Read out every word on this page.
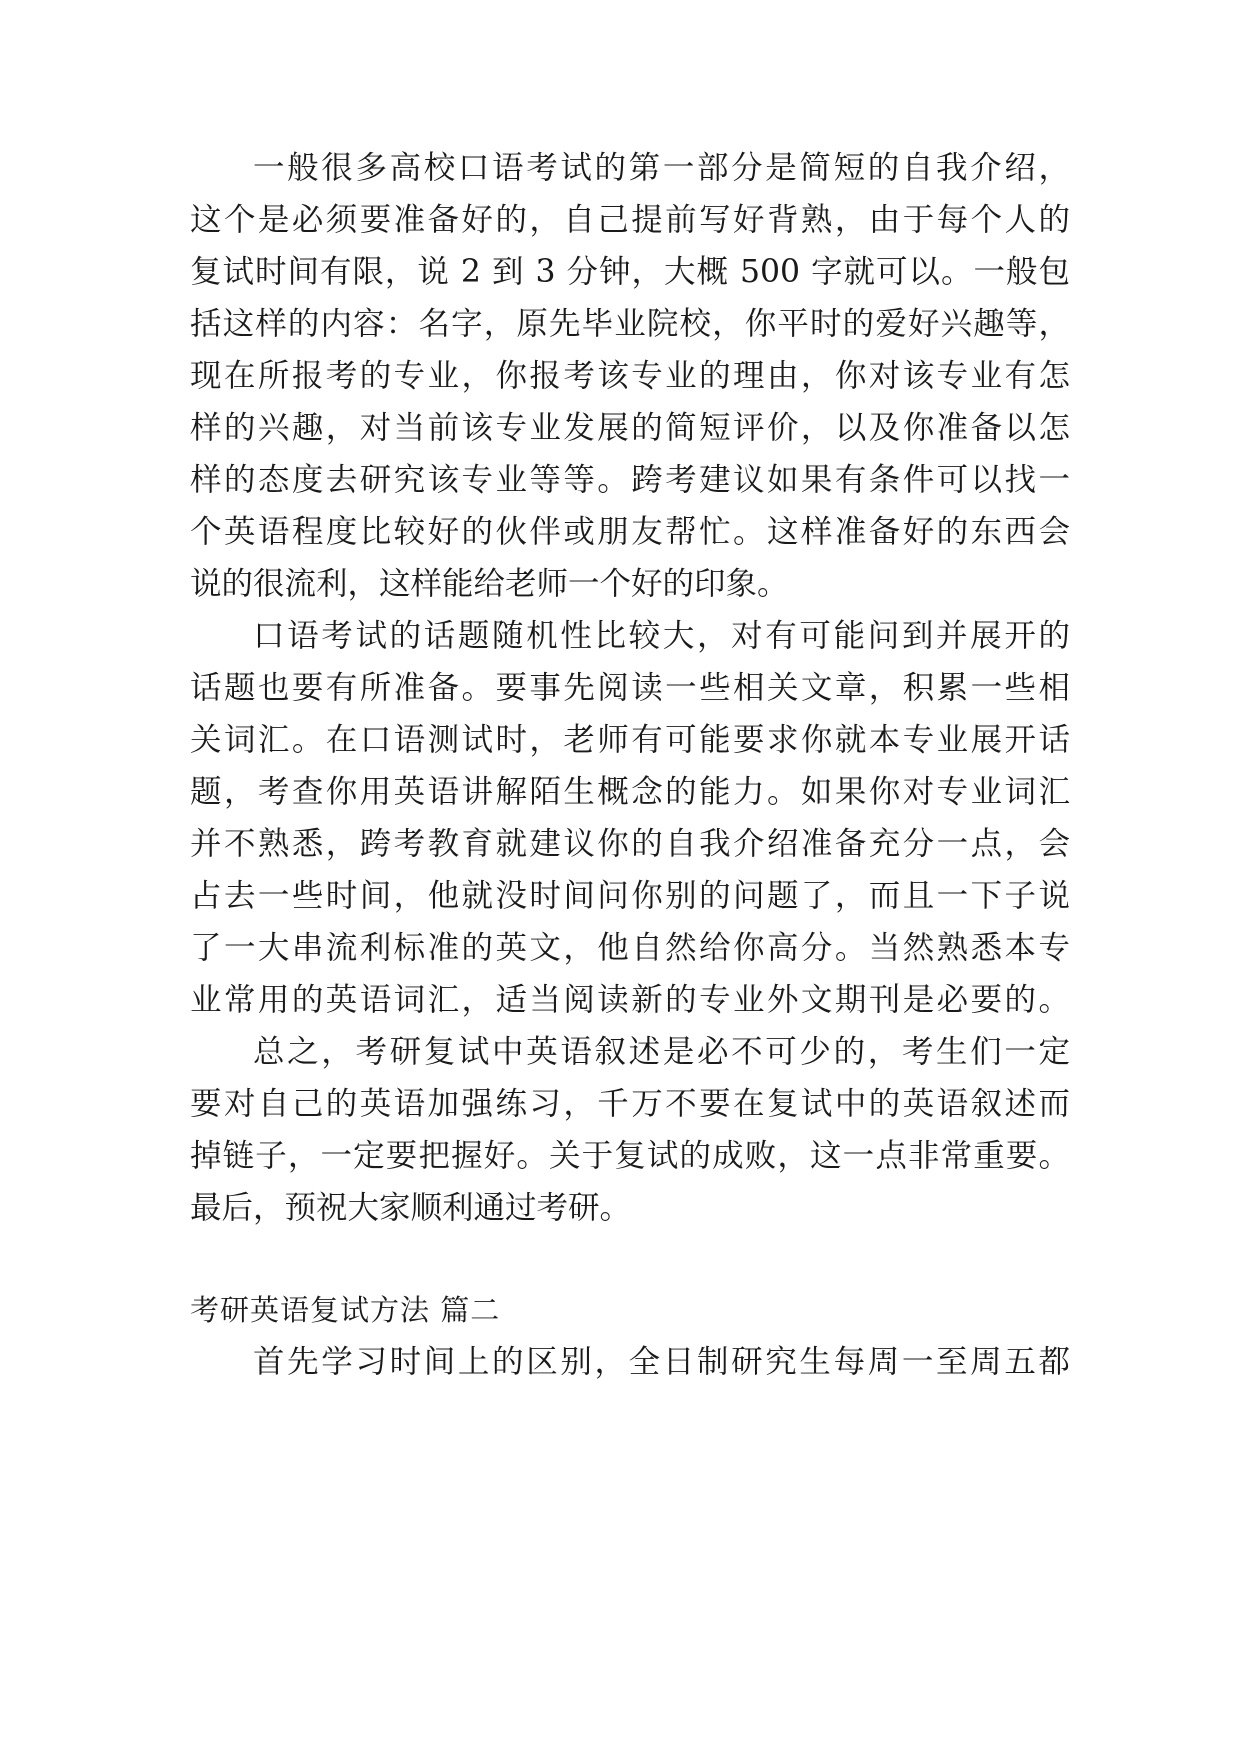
一般很多高校口语考试的第一部分是简短的自我介绍，
这个是必须要准备好的，自己提前写好背熟，由于每个人的
复试时间有限，说 2 到 3 分钟，大概 500 字就可以。一般包
括这样的内容：名字，原先毕业院校，你平时的爱好兴趣等，
现在所报考的专业，你报考该专业的理由，你对该专业有怎
样的兴趣，对当前该专业发展的简短评价，以及你准备以怎
样的态度去研究该专业等等。跨考建议如果有条件可以找一
个英语程度比较好的伙伴或朋友帮忙。这样准备好的东西会
说的很流利，这样能给老师一个好的印象。
口语考试的话题随机性比较大，对有可能问到并展开的
话题也要有所准备。要事先阅读一些相关文章，积累一些相
关词汇。在口语测试时，老师有可能要求你就本专业展开话
题，考查你用英语讲解陌生概念的能力。如果你对专业词汇
并不熟悉，跨考教育就建议你的自我介绍准备充分一点，会
占去一些时间，他就没时间问你别的问题了，而且一下子说
了一大串流利标准的英文，他自然给你高分。当然熟悉本专
业常用的英语词汇，适当阅读新的专业外文期刊是必要的。
总之，考研复试中英语叙述是必不可少的，考生们一定
要对自己的英语加强练习，千万不要在复试中的英语叙述而
掉链子，一定要把握好。关于复试的成败，这一点非常重要。
最后，预祝大家顺利通过考研。
考研英语复试方法 篇二
首先学习时间上的区别，全日制研究生每周一至周五都
